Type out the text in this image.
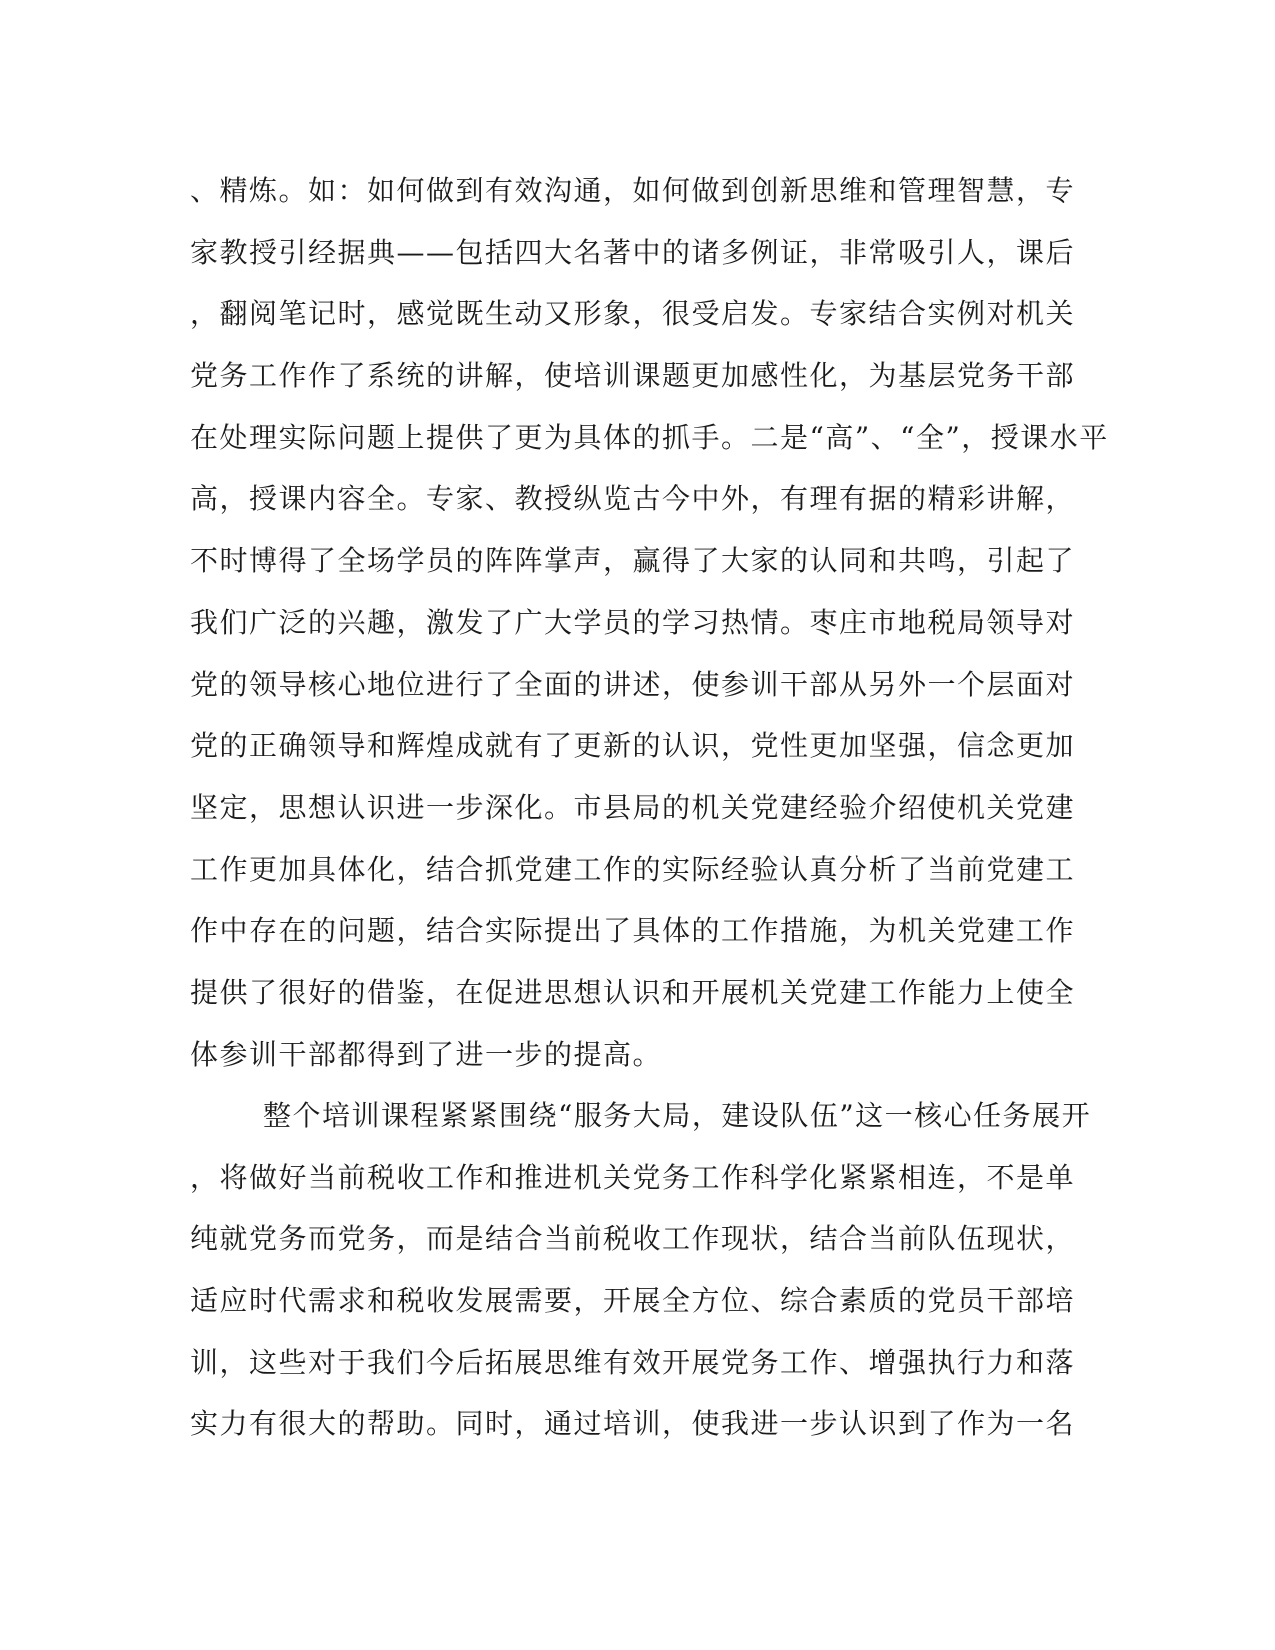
、精炼。如：如何做到有效沟通，如何做到创新思维和管理智慧，专
家教授引经据典——包括四大名著中的诸多例证，非常吸引人，课后
，翻阅笔记时，感觉既生动又形象，很受启发。专家结合实例对机关
党务工作作了系统的讲解，使培训课题更加感性化，为基层党务干部
在处理实际问题上提供了更为具体的抓手。二是“高”、“全”，授课水平
高，授课内容全。专家、教授纵览古今中外，有理有据的精彩讲解，
不时博得了全场学员的阵阵掌声，赢得了大家的认同和共鸣，引起了
我们广泛的兴趣，激发了广大学员的学习热情。枣庄市地税局领导对
党的领导核心地位进行了全面的讲述，使参训干部从另外一个层面对
党的正确领导和辉煌成就有了更新的认识，党性更加坚强，信念更加
坚定，思想认识进一步深化。市县局的机关党建经验介绍使机关党建
工作更加具体化，结合抓党建工作的实际经验认真分析了当前党建工
作中存在的问题，结合实际提出了具体的工作措施，为机关党建工作
提供了很好的借鉴，在促进思想认识和开展机关党建工作能力上使全
体参训干部都得到了进一步的提高。
整个培训课程紧紧围绕“服务大局，建设队伍”这一核心任务展开
，将做好当前税收工作和推进机关党务工作科学化紧紧相连，不是单
纯就党务而党务，而是结合当前税收工作现状，结合当前队伍现状，
适应时代需求和税收发展需要，开展全方位、综合素质的党员干部培
训，这些对于我们今后拓展思维有效开展党务工作、增强执行力和落
实力有很大的帮助。同时，通过培训，使我进一步认识到了作为一名
